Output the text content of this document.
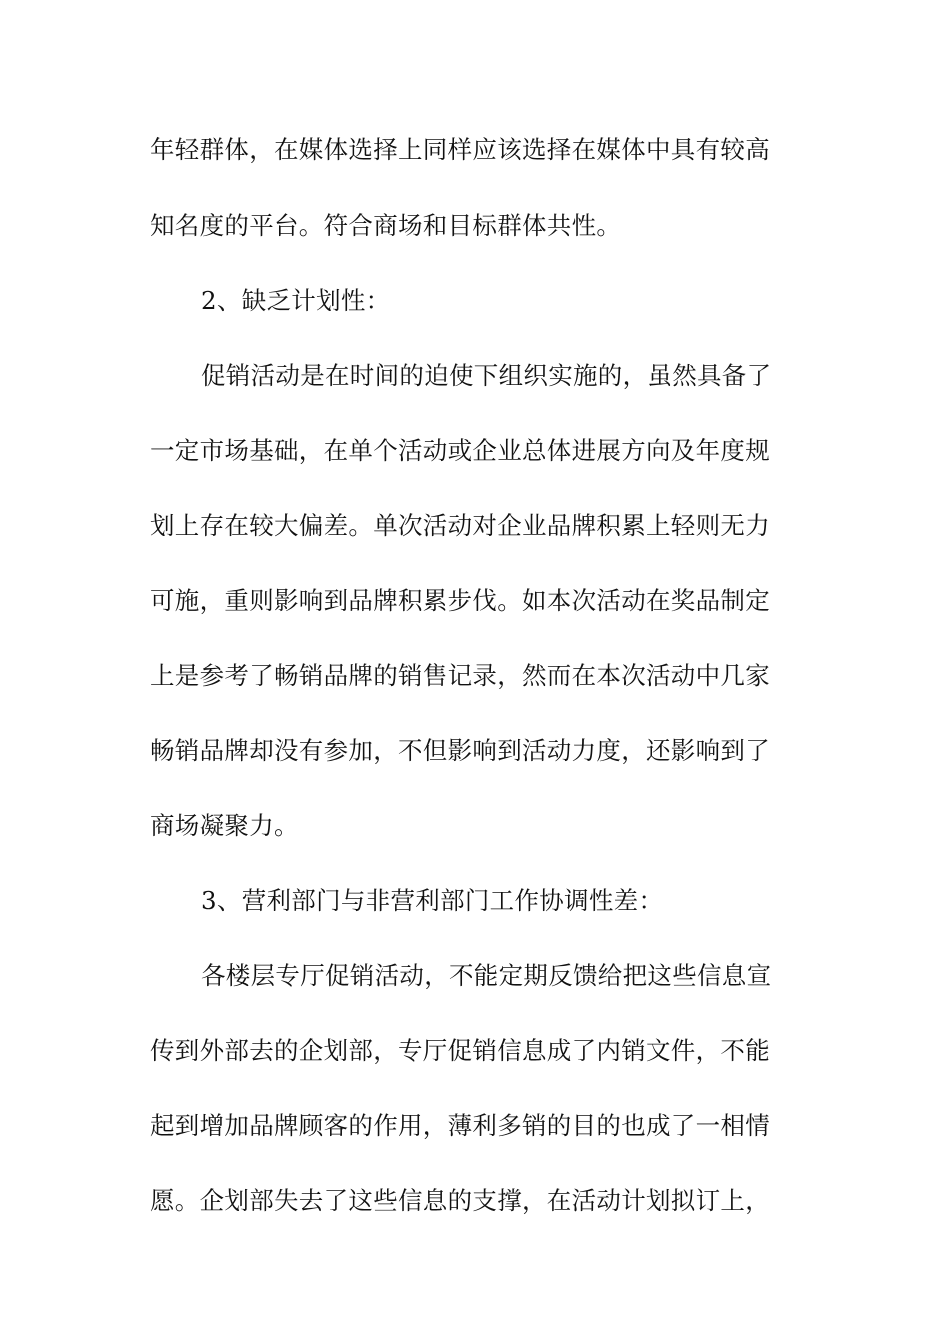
年轻群体，在媒体选择上同样应该选择在媒体中具有较高
知名度的平台。符合商场和目标群体共性。
2、缺乏计划性：
促销活动是在时间的迫使下组织实施的，虽然具备了
一定市场基础，在单个活动或企业总体进展方向及年度规
划上存在较大偏差。单次活动对企业品牌积累上轻则无力
可施，重则影响到品牌积累步伐。如本次活动在奖品制定
上是参考了畅销品牌的销售记录，然而在本次活动中几家
畅销品牌却没有参加，不但影响到活动力度，还影响到了
商场凝聚力。
3、营利部门与非营利部门工作协调性差：
各楼层专厅促销活动，不能定期反馈给把这些信息宣
传到外部去的企划部，专厅促销信息成了内销文件，不能
起到增加品牌顾客的作用，薄利多销的目的也成了一相情
愿。企划部失去了这些信息的支撑，在活动计划拟订上，
